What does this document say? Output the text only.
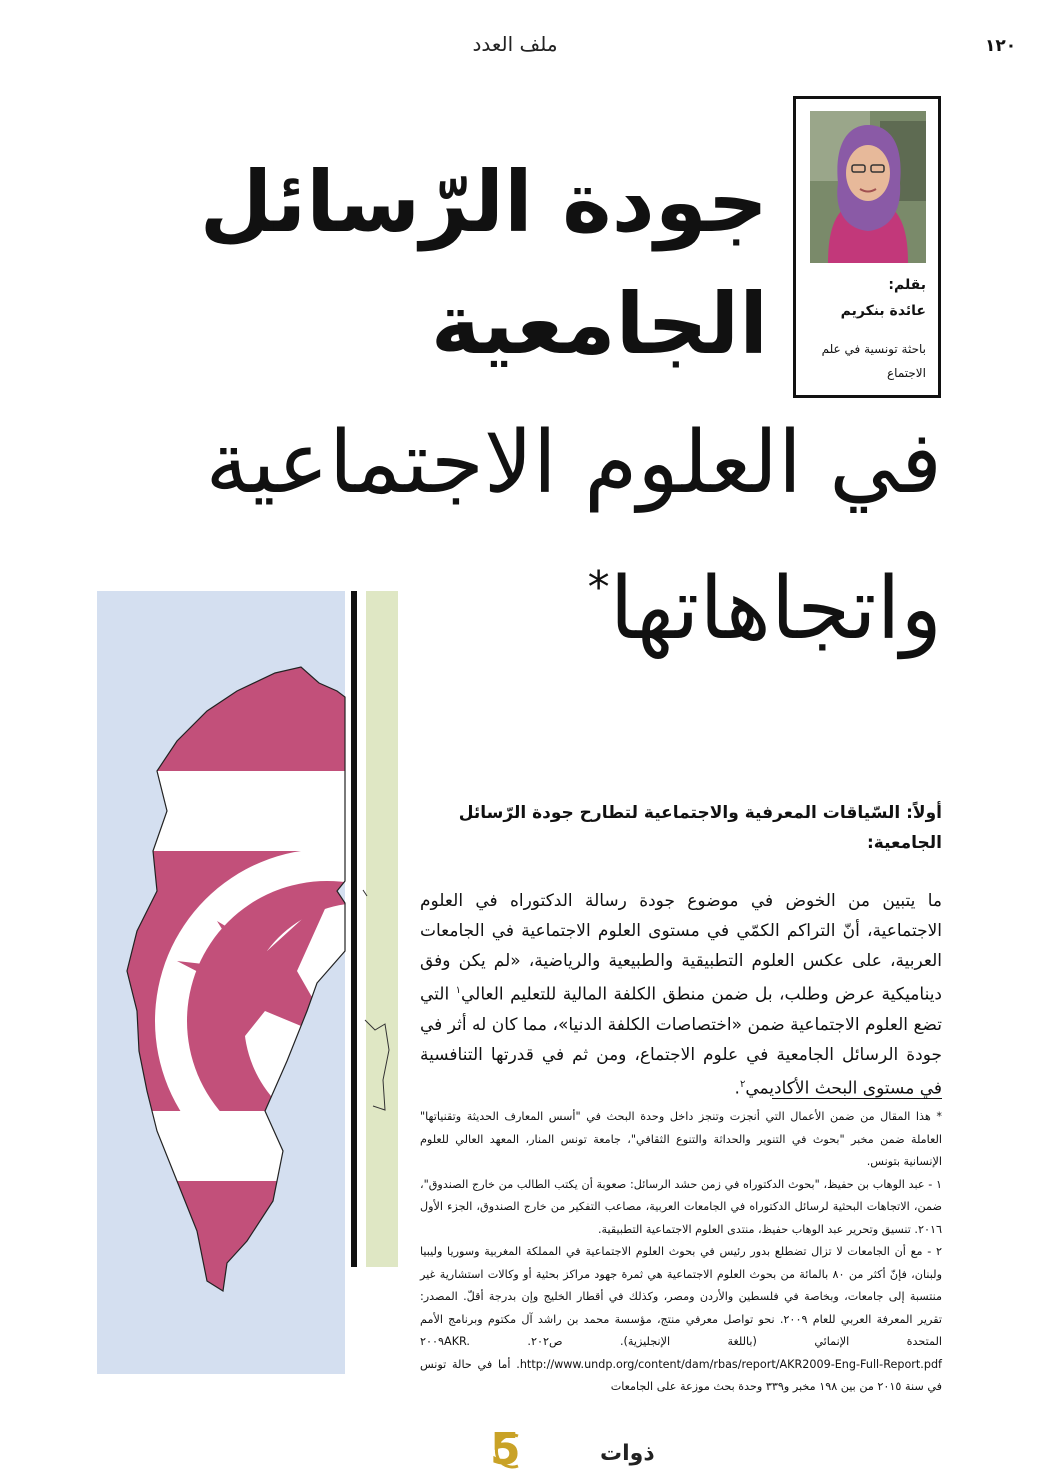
١٢٠
ملف العدد
بقلم:
عائدة بنكريم
باحثة تونسية في علم الاجتماع
جودة الرّسائل
الجامعية
في العلوم الاجتماعية
واتجاهاتها*
أولاً: السّياقات المعرفية والاجتماعية لتطارح جودة الرّسائل الجامعية:
ما يتبين من الخوض في موضوع جودة رسالة الدكتوراه في العلوم الاجتماعية، أنّ التراكم الكمّي في مستوى العلوم الاجتماعية في الجامعات العربية، على عكس العلوم التطبيقية والطبيعية والرياضية، «لم يكن وفق ديناميكية عرض وطلب، بل ضمن منطق الكلفة المالية للتعليم العالي$^١$ التي تضع العلوم الاجتماعية ضمن «اختصاصات الكلفة الدنيا»، مما كان له أثر في جودة الرسائل الجامعية في علوم الاجتماع، ومن ثم في قدرتها التنافسية في مستوى البحث الأكاديمي$^٢$.

* هذا المقال من ضمن الأعمال التي أنجزت وتنجز داخل وحدة البحث في "أسس المعارف الحديثة وتقنياتها" العاملة ضمن مخبر "بحوث في التنوير والحداثة والتنوع الثقافي"، جامعة تونس المنار، المعهد العالي للعلوم الإنسانية بتونس.

١ - عبد الوهاب بن حفيظ، "بحوث الدكتوراه في زمن حشد الرسائل: صعوبة أن يكتب الطالب من خارج الصندوق"، ضمن، الاتجاهات البحثية لرسائل الدكتوراه في الجامعات العربية، مصاعب التفكير من خارج الصندوق، الجزء الأول ٢٠١٦. تنسيق وتحرير عبد الوهاب حفيظ، منتدى العلوم الاجتماعية التطبيقية.

٢ - مع أن الجامعات لا تزال تضطلع بدور رئيس في بحوث العلوم الاجتماعية في المملكة المغربية وسوريا وليبيا ولبنان، فإنّ أكثر من ٨٠ بالمائة من بحوث العلوم الاجتماعية هي ثمرة جهود مراكز بحثية أو وكالات استشارية غير منتسبة إلى جامعات، وبخاصة في فلسطين والأردن ومصر، وكذلك في أقطار الخليج وإن بدرجة أقلّ. المصدر: تقرير المعرفة العربي للعام ٢٠٠٩. نحو تواصل معرفي منتج، مؤسسة محمد بن راشد آل مكتوم وبرنامج الأمم المتحدة الإنمائي (باللغة الإنجليزية). ص٢٠٢. ٢٠٠٩AKR. http://www.undp.org/content/dam/rbas/report/AKR2009-Eng-Full-Report.pdf. أما في حالة تونس في سنة ٢٠١٥ من بين ١٩٨ مخبر و٣٣٩ وحدة بحث موزعة على الجامعات

5	ذوات
